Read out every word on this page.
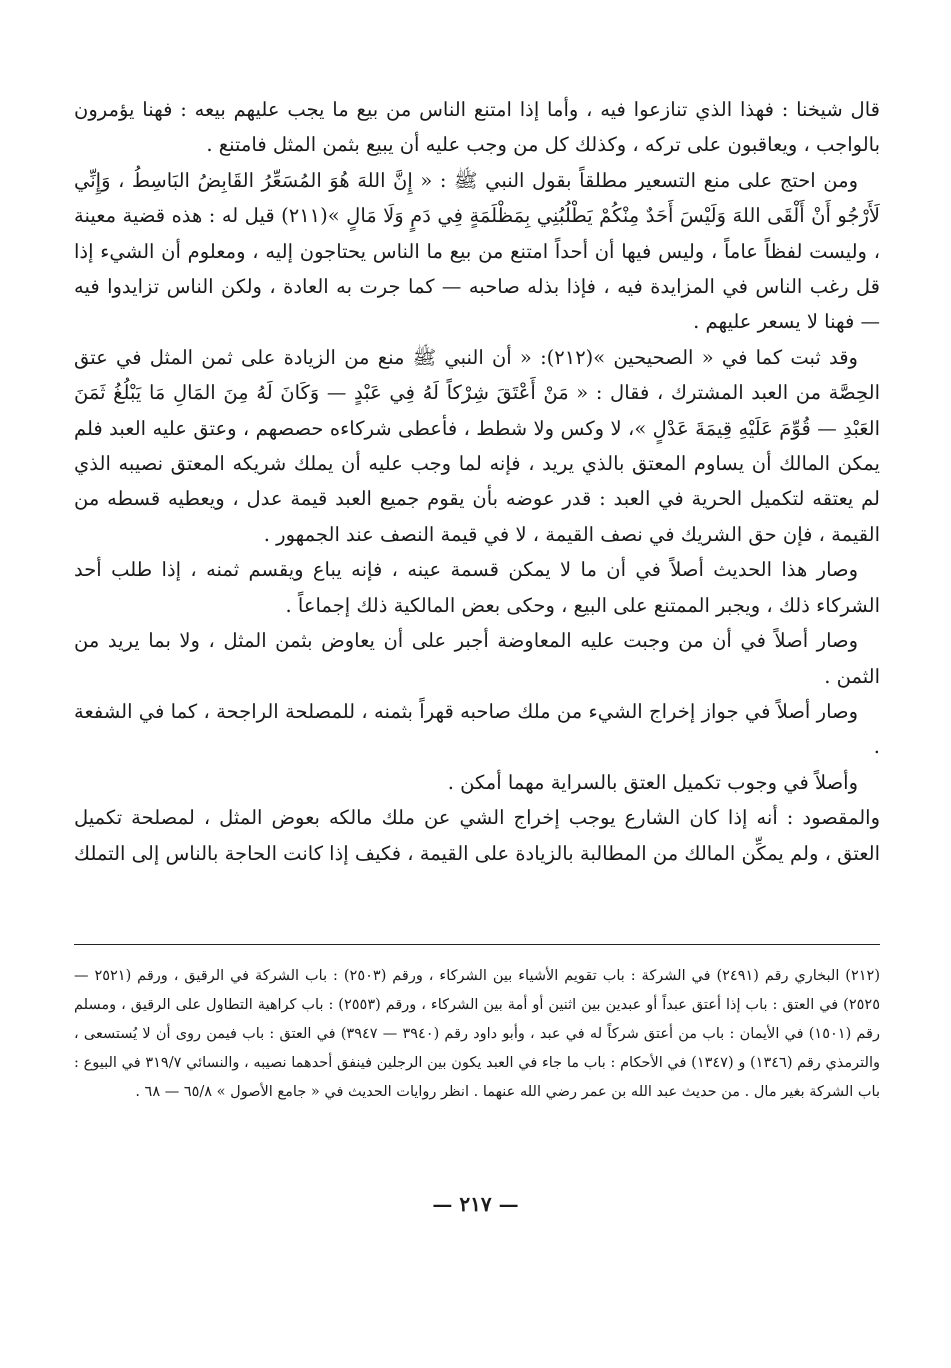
قال شيخنا : فهذا الذي تنازعوا فيه ، وأما إذا امتنع الناس من بيع ما يجب عليهم بيعه : فهنا يؤمرون بالواجب ، ويعاقبون على تركه ، وكذلك كل من وجب عليه أن يبيع بثمن المثل فامتنع .

ومن احتج على منع التسعير مطلقاً بقول النبي ﷺ : « إِنَّ اللهَ هُوَ المُسَعِّرُ القَابِضُ البَاسِطُ ، وَإِنِّي لَأَرْجُو أَنْ أَلْقَى اللهَ وَلَيْسَ أَحَدٌ مِنْكُمْ يَطْلُبُنِي بِمَظْلَمَةٍ فِي دَمٍ وَلَا مَالٍ »(٢١١) قيل له : هذه قضية معينة ، وليست لفظاً عاماً ، وليس فيها أن أحداً امتنع من بيع ما الناس يحتاجون إليه ، ومعلوم أن الشيء إذا قل رغب الناس في المزايدة فيه ، فإذا بذله صاحبه — كما جرت به العادة ، ولكن الناس تزايدوا فيه — فهنا لا يسعر عليهم .

وقد ثبت كما في « الصحيحين »(٢١٢): « أن النبي ﷺ منع من الزيادة على ثمن المثل في عتق الحِصَّة من العبد المشترك ، فقال : « مَنْ أَعْتَقَ شِرْكاً لَهُ فِي عَبْدٍ — وَكَانَ لَهُ مِنَ المَالِ مَا يَبْلُغُ ثَمَنَ العَبْدِ — قُوِّمَ عَلَيْهِ قِيمَةَ عَدْلٍ »، لا وكس ولا شطط ، فأعطى شركاءه حصصهم ، وعتق عليه العبد فلم يمكن المالك أن يساوم المعتق بالذي يريد ، فإنه لما وجب عليه أن يملك شريكه المعتق نصيبه الذي لم يعتقه لتكميل الحرية في العبد : قدر عوضه بأن يقوم جميع العبد قيمة عدل ، ويعطيه قسطه من القيمة ، فإن حق الشريك في نصف القيمة ، لا في قيمة النصف عند الجمهور .

وصار هذا الحديث أصلاً في أن ما لا يمكن قسمة عينه ، فإنه يباع ويقسم ثمنه ، إذا طلب أحد الشركاء ذلك ، ويجبر الممتنع على البيع ، وحكى بعض المالكية ذلك إجماعاً .

وصار أصلاً في أن من وجبت عليه المعاوضة أجبر على أن يعاوض بثمن المثل ، ولا بما يريد من الثمن .

وصار أصلاً في جواز إخراج الشيء من ملك صاحبه قهراً بثمنه ، للمصلحة الراجحة ، كما في الشفعة .

وأصلاً في وجوب تكميل العتق بالسراية مهما أمكن .

والمقصود : أنه إذا كان الشارع يوجب إخراج الشي عن ملك مالكه بعوض المثل ، لمصلحة تكميل العتق ، ولم يمكِّن المالك من المطالبة بالزيادة على القيمة ، فكيف إذا كانت الحاجة بالناس إلى التملك

(٢١٢) البخاري رقم (٢٤٩١) في الشركة : باب تقويم الأشياء بين الشركاء ، ورقم (٢٥٠٣) : باب الشركة في الرقيق ، ورقم (٢٥٢١ — ٢٥٢٥) في العتق : باب إذا أعتق عبداً أو عبدين بين اثنين أو أمة بين الشركاء ، ورقم (٢٥٥٣) : باب كراهية التطاول على الرقيق ، ومسلم رقم (١٥٠١) في الأيمان : باب من أعتق شركاً له في عبد ، وأبو داود رقم (٣٩٤٠ — ٣٩٤٧) في العتق : باب فيمن روى أن لا يُستسعى ، والترمذي رقم (١٣٤٦) و (١٣٤٧) في الأحكام : باب ما جاء في العبد يكون بين الرجلين فينفق أحدهما نصيبه ، والنسائي ٣١٩/٧ في البيوع : باب الشركة بغير مال . من حديث عبد الله بن عمر رضي الله عنهما . انظر روايات الحديث في « جامع الأصول » ٦٥/٨ — ٦٨ .

— ٢١٧ —
